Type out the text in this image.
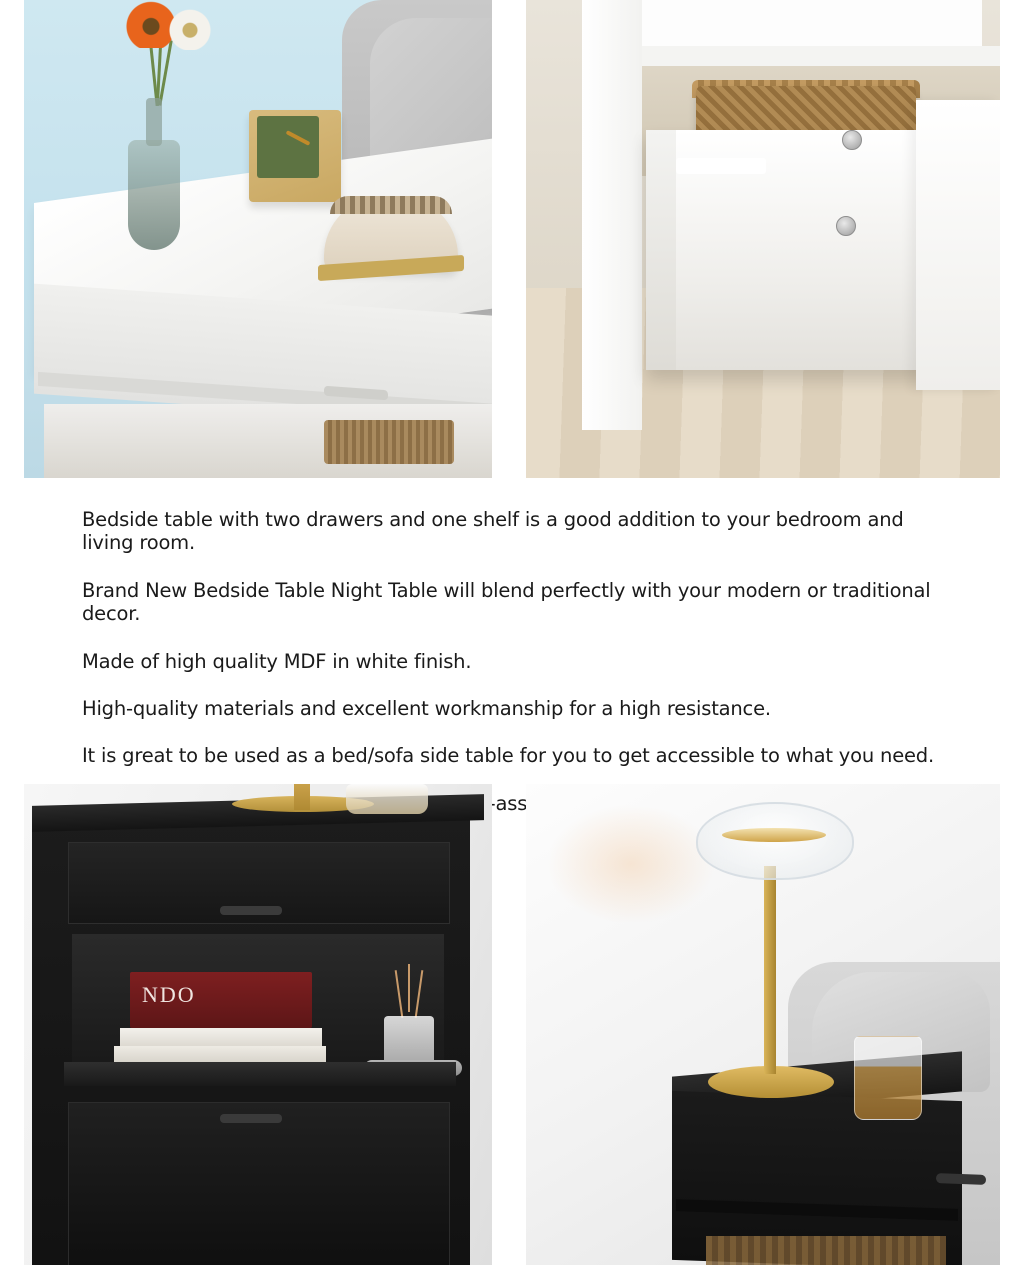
Bedside table with two drawers and one shelf is a good addition to your bedroom and living room.

Brand New Bedside Table Night Table will blend perfectly with your modern or traditional decor.

Made of high quality MDF in white finish.

High-quality materials and excellent workmanship for a high resistance.

It is great to be used as a bed/sofa side table for you to get accessible to what you need.

self-assembly.

NDO
